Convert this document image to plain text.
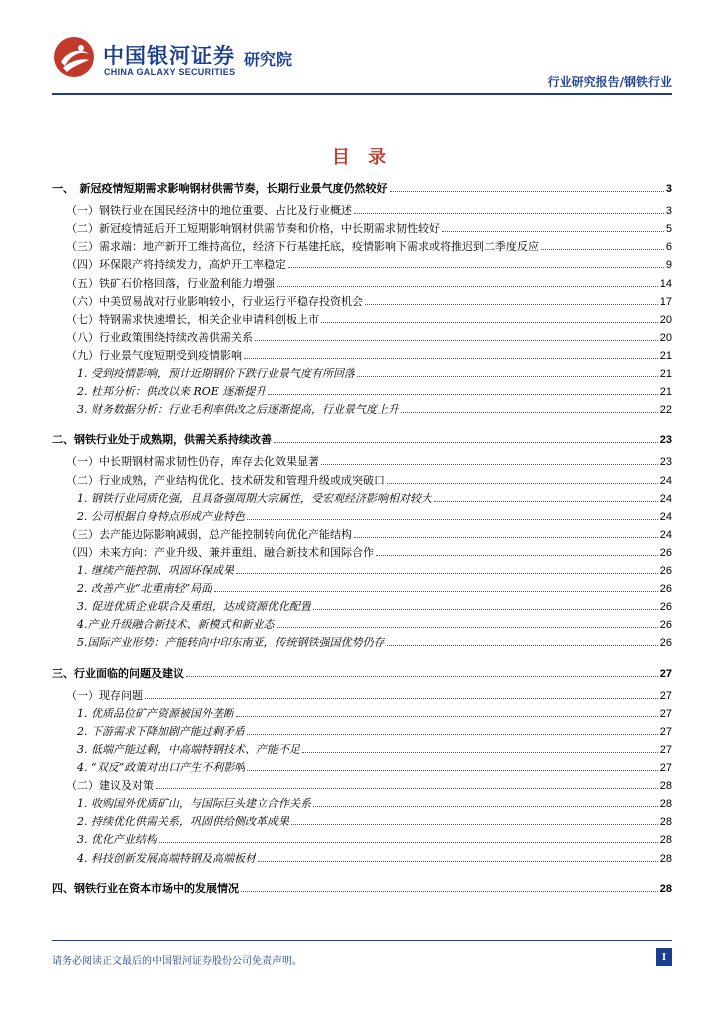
中国银河证券
CHINA GALAXY SECURITIES
研究院
行业研究报告/钢铁行业
目 录
一、　新冠疫情短期需求影响钢材供需节奏，长期行业景气度仍然较好	3
（一）钢铁行业在国民经济中的地位重要、占比及行业概述	3
（二）新冠疫情延后开工短期影响钢材供需节奏和价格，中长期需求韧性较好	5
（三）需求端：地产新开工维持高位，经济下行基建托底，疫情影响下需求或将推迟到二季度反应	6
（四）环保限产将持续发力，高炉开工率稳定	9
（五）铁矿石价格回落，行业盈利能力增强	14
（六）中美贸易战对行业影响较小，行业运行平稳存投资机会	17
（七）特钢需求快速增长，相关企业申请科创板上市	20
（八）行业政策围绕持续改善供需关系	20
（九）行业景气度短期受到疫情影响	21
1. 受到疫情影响，预计近期钢价下跌行业景气度有所回落	21
2. 杜邦分析：供改以来 ROE 逐渐提升	21
3. 财务数据分析：行业毛利率供改之后逐渐提高，行业景气度上升	22
二、钢铁行业处于成熟期，供需关系持续改善	23
（一）中长期钢材需求韧性仍存，库存去化效果显著	23
（二）行业成熟，产业结构优化、技术研发和管理升级或成突破口	24
1. 钢铁行业同质化强，且具备强周期大宗属性，受宏观经济影响相对较大	24
2. 公司根据自身特点形成产业特色	24
（三）去产能边际影响减弱，总产能控制转向优化产能结构	24
（四）未来方向：产业升级、兼并重组、融合新技术和国际合作	26
1. 继续产能控制、巩固环保成果	26
2. 改善产业“北重南轻”局面	26
3. 促进优质企业联合及重组，达成资源优化配置	26
4.产业升级融合新技术、新模式和新业态	26
5.国际产业形势：产能转向中印东南亚，传统钢铁强国优势仍存	26
三、行业面临的问题及建议	27
（一）现存问题	27
1. 优质品位矿产资源被国外垄断	27
2. 下游需求下降加剧产能过剩矛盾	27
3. 低端产能过剩，中高端特钢技术、产能不足	27
4. “双反”政策对出口产生不利影响	27
（二）建议及对策	28
1. 收购国外优质矿山，与国际巨头建立合作关系	28
2. 持续优化供需关系，巩固供给侧改革成果	28
3. 优化产业结构	28
4. 科技创新发展高端特钢及高端板材	28
四、钢铁行业在资本市场中的发展情况	28
请务必阅读正文最后的中国银河证券股份公司免责声明。	I
